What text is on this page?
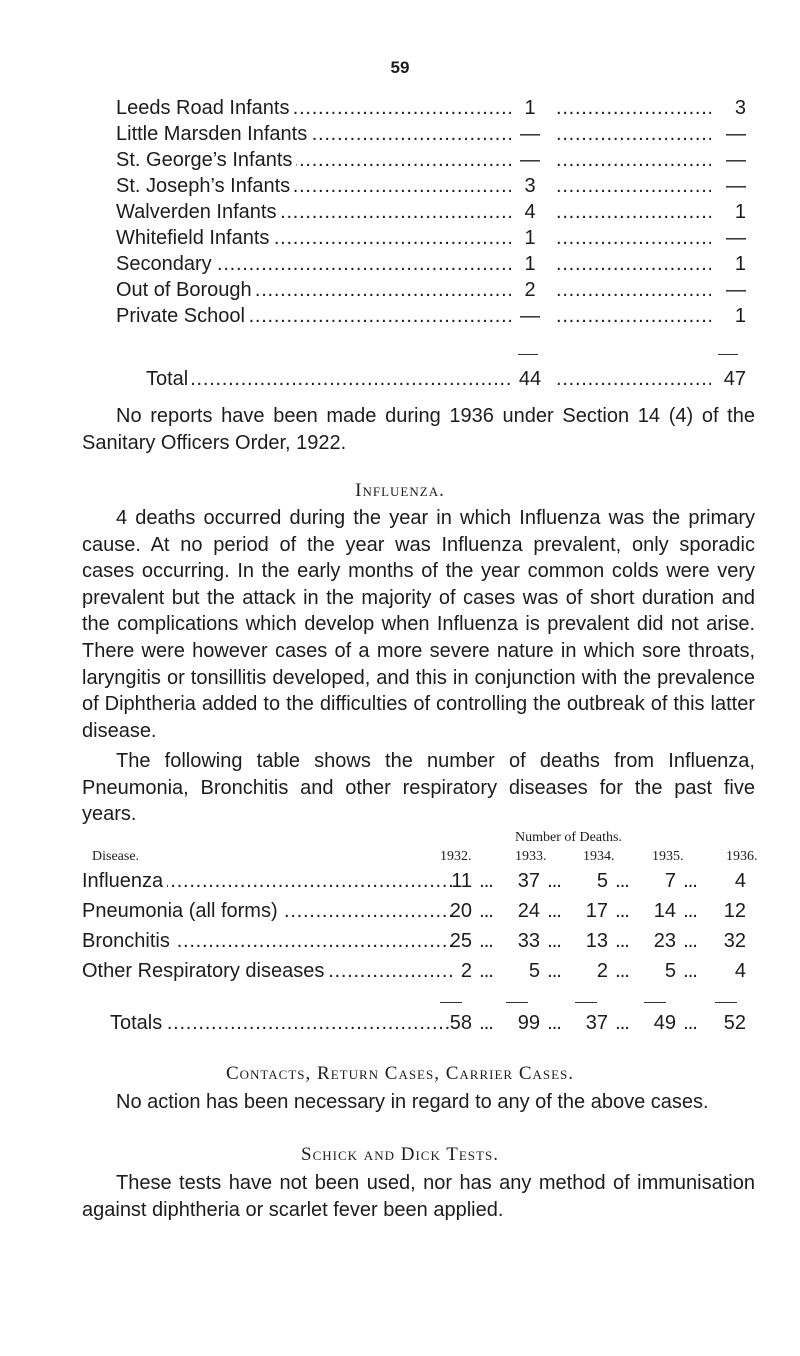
59
. . .
Leeds Road Infants	1 . . .	3
. . .
Little Marsden Infants	— . . .	—
. . .
St. George’s Infants	— . . .	—
. . .
St. Joseph’s Infants	3 . . .	—
. . .
Walverden Infants	4 . . .	1
. . .
Whitefield Infants	1 . . .	—
. . .
Secondary	1 . . .	1
. . .
Out of Borough	2 . . .	—
. . .
Private School	— . . .	1
. . .
Total	44 . . .	47
No reports have been made during 1936 under Section 14 (4) of the Sanitary Officers Order, 1922.
Influenza.
4 deaths occurred during the year in which Influenza was the primary cause. At no period of the year was Influenza prevalent, only sporadic cases occurring. In the early months of the year common colds were very prevalent but the attack in the majority of cases was of short duration and the complications which develop when Influenza is prevalent did not arise. There were however cases of a more severe nature in which sore throats, laryngitis or tonsillitis developed, and this in conjunction with the prevalence of Diphtheria added to the difficulties of controlling the outbreak of this latter disease.
The following table shows the number of deaths from Influenza, Pneumonia, Bronchitis and other respiratory diseases for the past five years.
Number of Deaths.
Disease.	1932.	1933.	1934.	1935.	1936.
. . .
Influenza	11 ...	37 ...	5 ...	7 ...	4
. . .
Pneumonia (all forms)	20 ...	24 ...	17 ...	14 ...	12
. . .
Bronchitis	25 ...	33 ...	13 ...	23 ...	32
. . .
Other Respiratory diseases	2 ...	5 ...	2 ...	5 ...	4
. . .
Totals	58 ...	99 ...	37 ...	49 ...	52
Contacts, Return Cases, Carrier Cases.
No action has been necessary in regard to any of the above cases.
Schick and Dick Tests.
These tests have not been used, nor has any method of immunisation against diphtheria or scarlet fever been applied.
